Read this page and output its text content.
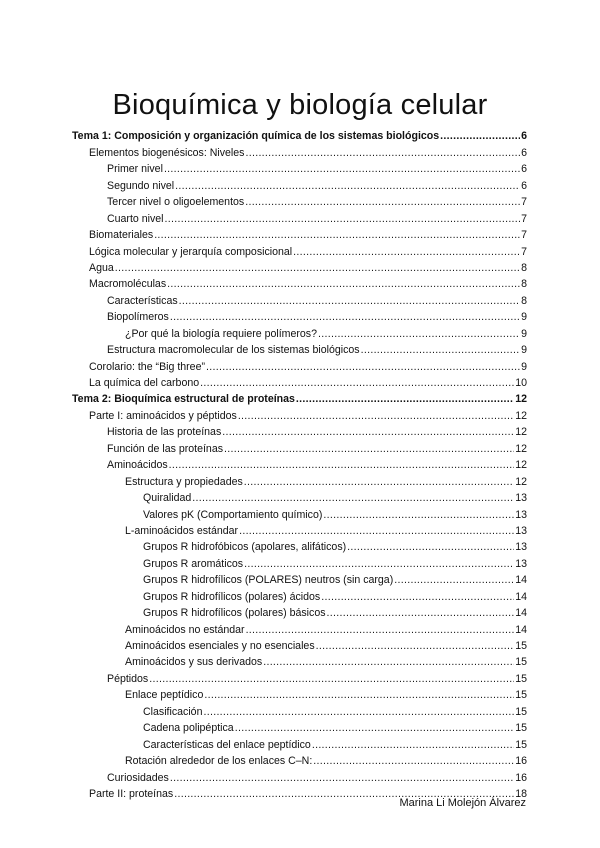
Bioquímica y biología celular
Tema 1: Composición y organización química de los sistemas biológicos .....	6
Elementos biogenésicos: Niveles .....	6
Primer nivel .....	6
Segundo nivel .....	6
Tercer nivel o oligoelementos .....	7
Cuarto nivel .....	7
Biomateriales .....	7
Lógica molecular y jerarquía composicional .....	7
Agua .....	8
Macromoléculas .....	8
Características .....	8
Biopolímeros .....	9
¿Por qué la biología requiere polímeros? .....	9
Estructura macromolecular de los sistemas biológicos .....	9
Corolario: the “Big three” .....	9
La química del carbono .....	10
Tema 2: Bioquímica estructural de proteínas .....	12
Parte I: aminoácidos y péptidos .....	12
Historia de las proteínas .....	12
Función de las proteínas .....	12
Aminoácidos .....	12
Estructura y propiedades .....	12
Quiralidad .....	13
Valores pK (Comportamiento químico) .....	13
L-aminoácidos estándar .....	13
Grupos R hidrofóbicos (apolares, alifáticos) .....	13
Grupos R aromáticos .....	13
Grupos R hidrofílicos (POLARES) neutros (sin carga) .....	14
Grupos R hidrofílicos (polares) ácidos .....	14
Grupos R hidrofílicos (polares) básicos .....	14
Aminoácidos no estándar .....	14
Aminoácidos esenciales y no esenciales .....	15
Aminoácidos y sus derivados .....	15
Péptidos .....	15
Enlace peptídico .....	15
Clasificación .....	15
Cadena polipéptica .....	15
Características del enlace peptídico .....	15
Rotación alrededor de los enlaces C–N: .....	16
Curiosidades .....	16
Parte II: proteínas .....	18
Marina Li Molejón Álvarez
